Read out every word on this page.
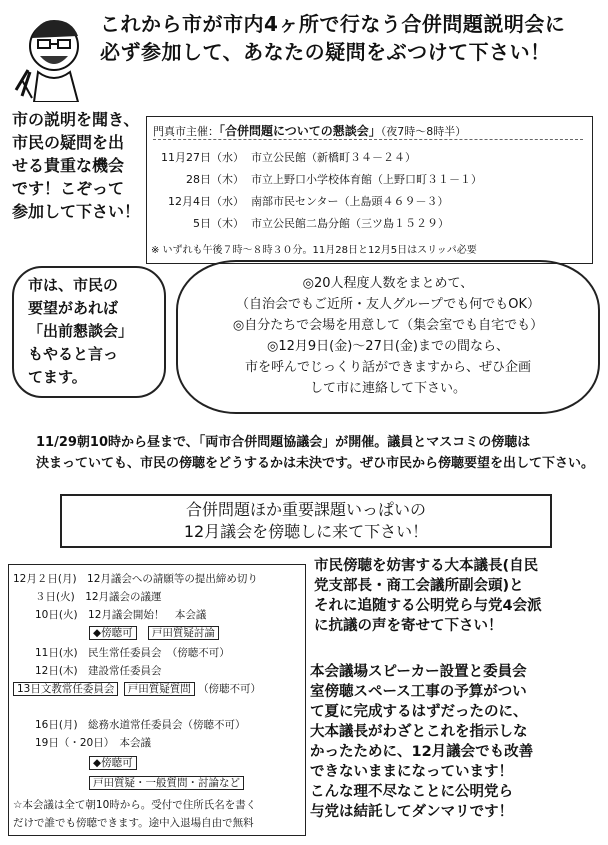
これから市が市内4ヶ所で行なう合併問題説明会に
必ず参加して、あなたの疑問をぶつけて下さい！
市の説明を聞き、
市民の疑問を出
せる貴重な機会
です！こぞって
参加して下さい！
門真市主催：「合併問題についての懇談会」（夜7時～8時半）
11月27日（水） 市立公民館（新橋町３４－２４）
28日（木） 市立上野口小学校体育館（上野口町３１－１）
12月4日（水） 南部市民センター（上島頭４６９－３）
5日（木） 市立公民館二島分館（三ツ島１５２９）
※ いずれも午後７時～８時３０分。11月28日と12月5日はスリッパ必要
市は、市民の
要望があれば
「出前懇談会」
もやると言っ
てます。
◎20人程度人数をまとめて、
（自治会でもご近所・友人グループでも何でもOK）
◎自分たちで会場を用意して（集会室でも自宅でも）
◎12月9日(金)～27日(金)までの間なら、
市を呼んでじっくり話ができますから、ぜひ企画
して市に連絡して下さい。
11/29朝10時から昼まで、「両市合併問題協議会」が開催。議員とマスコミの傍聴は
決まっていても、市民の傍聴をどうするかは未決です。ぜひ市民から傍聴要望を出して下さい。
合併問題ほか重要課題いっぱいの
12月議会を傍聴しに来て下さい！
12月２日(月)　12月議会への請願等の提出締め切り
３日(火)　12月議会の議運
10日(火)　12月議会開始！　本会議
◆傍聴可 戸田質疑討論
11日(水)　民生常任委員会　（傍聴不可）
12日(木)　建設常任委員会
13日文教常任委員会 戸田質疑質問 （傍聴不可）
16日(月)　総務水道常任委員会（傍聴不可）
19日（・20日）　本会議
◆傍聴可
戸田質疑・一般質問・討論など
☆本会議は全て朝10時から。受付で住所氏名を書く
だけで誰でも傍聴できます。途中入退場自由で無料
市民傍聴を妨害する大本議長(自民
党支部長・商工会議所副会頭)と
それに追随する公明党ら与党4会派
に抗議の声を寄せて下さい！
本会議場スピーカー設置と委員会
室傍聴スペース工事の予算がつい
て夏に完成するはずだったのに、
大本議長がわざとこれを指示しな
かったために、12月議会でも改善
できないままになっています！
こんな理不尽なことに公明党ら
与党は結託してダンマリです！
